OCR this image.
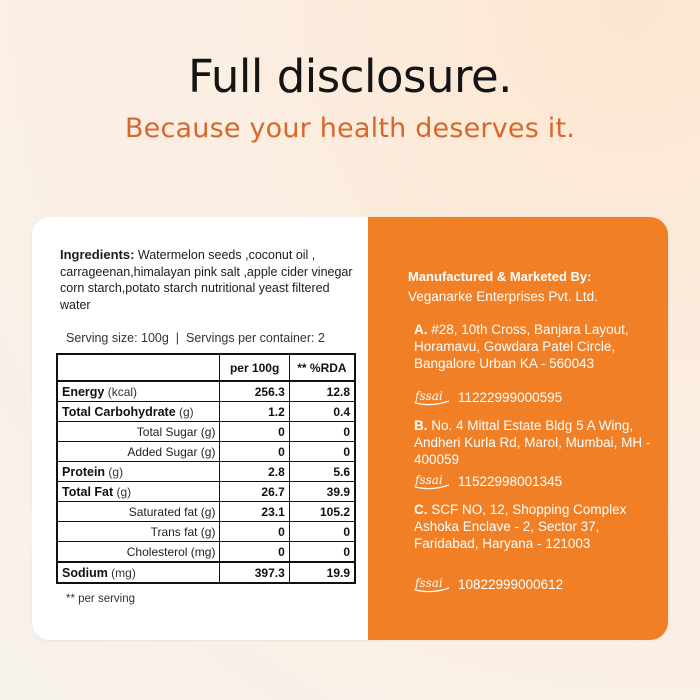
Full disclosure.
Because your health deserves it.
Ingredients: Watermelon seeds ,coconut oil , carrageenan,himalayan pink salt ,apple cider vinegar corn starch,potato starch nutritional yeast filtered water
Serving size: 100g  |  Servings per container: 2
	per 100g	** %RDA
Energy (kcal)	256.3	12.8
Total Carbohydrate (g)	1.2	0.4
Total Sugar (g)	0	0
Added Sugar (g)	0	0
Protein (g)	2.8	5.6
Total Fat (g)	26.7	39.9
Saturated fat (g)	23.1	105.2
Trans fat (g)	0	0
Cholesterol (mg)	0	0
Sodium (mg)	397.3	19.9
** per serving
Manufactured & Marketed By:
Veganarke Enterprises Pvt. Ltd.
A. #28, 10th Cross, Banjara Layout, Horamavu, Gowdara Patel Circle, Bangalore Urban KA - 560043
fssai 11222999000595
B. No. 4 Mittal Estate Bldg 5 A Wing, Andheri Kurla Rd, Marol, Mumbai, MH - 400059
fssai 11522998001345
C. SCF NO, 12, Shopping Complex Ashoka Enclave - 2, Sector 37, Faridabad, Haryana - 121003
fssai 10822999000612
